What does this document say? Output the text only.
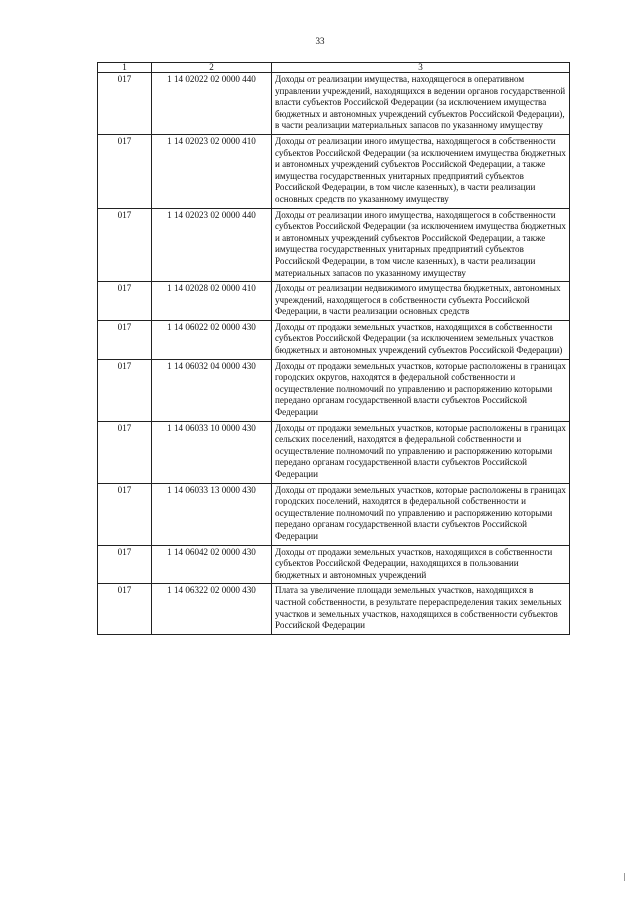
33
1	2	3
017	1 14 02022 02 0000 440	Доходы от реализации имущества, находящегося в оперативном управлении учреждений, находящихся в ведении органов государственной власти субъектов Российской Федерации (за исключением имущества бюджетных и автономных учреждений субъектов Российской Федерации), в части реализации материальных запасов по указанному имуществу
017	1 14 02023 02 0000 410	Доходы от реализации иного имущества, находящегося в собственности субъектов Российской Федерации (за исключением имущества бюджетных и автономных учреждений субъектов Российской Федерации, а также имущества государственных унитарных предприятий субъектов Российской Федерации, в том числе казенных), в части реализации основных средств по указанному имуществу
017	1 14 02023 02 0000 440	Доходы от реализации иного имущества, находящегося в собственности субъектов Российской Федерации (за исключением имущества бюджетных и автономных учреждений субъектов Российской Федерации, а также имущества государственных унитарных предприятий субъектов Российской Федерации, в том числе казенных), в части реализации материальных запасов по указанному имуществу
017	1 14 02028 02 0000 410	Доходы от реализации недвижимого имущества бюджетных, автономных учреждений, находящегося в собственности субъекта Российской Федерации, в части реализации основных средств
017	1 14 06022 02 0000 430	Доходы от продажи земельных участков, находящихся в собственности субъектов Российской Федерации (за исключением земельных участков бюджетных и автономных учреждений субъектов Российской Федерации)
017	1 14 06032 04 0000 430	Доходы от продажи земельных участков, которые расположены в границах городских округов, находятся в федеральной собственности и осуществление полномочий по управлению и распоряжению которыми передано органам государственной власти субъектов Российской Федерации
017	1 14 06033 10 0000 430	Доходы от продажи земельных участков, которые расположены в границах сельских поселений, находятся в федеральной собственности и осуществление полномочий по управлению и распоряжению которыми передано органам государственной власти субъектов Российской Федерации
017	1 14 06033 13 0000 430	Доходы от продажи земельных участков, которые расположены в границах городских поселений, находятся в федеральной собственности и осуществление полномочий по управлению и распоряжению которыми передано органам государственной власти субъектов Российской Федерации
017	1 14 06042 02 0000 430	Доходы от продажи земельных участков, находящихся в собственности субъектов Российской Федерации, находящихся в пользовании бюджетных и автономных учреждений
017	1 14 06322 02 0000 430	Плата за увеличение площади земельных участков, находящихся в частной собственности, в результате перераспределения таких земельных участков и земельных участков, находящихся в собственности субъектов Российской Федерации
